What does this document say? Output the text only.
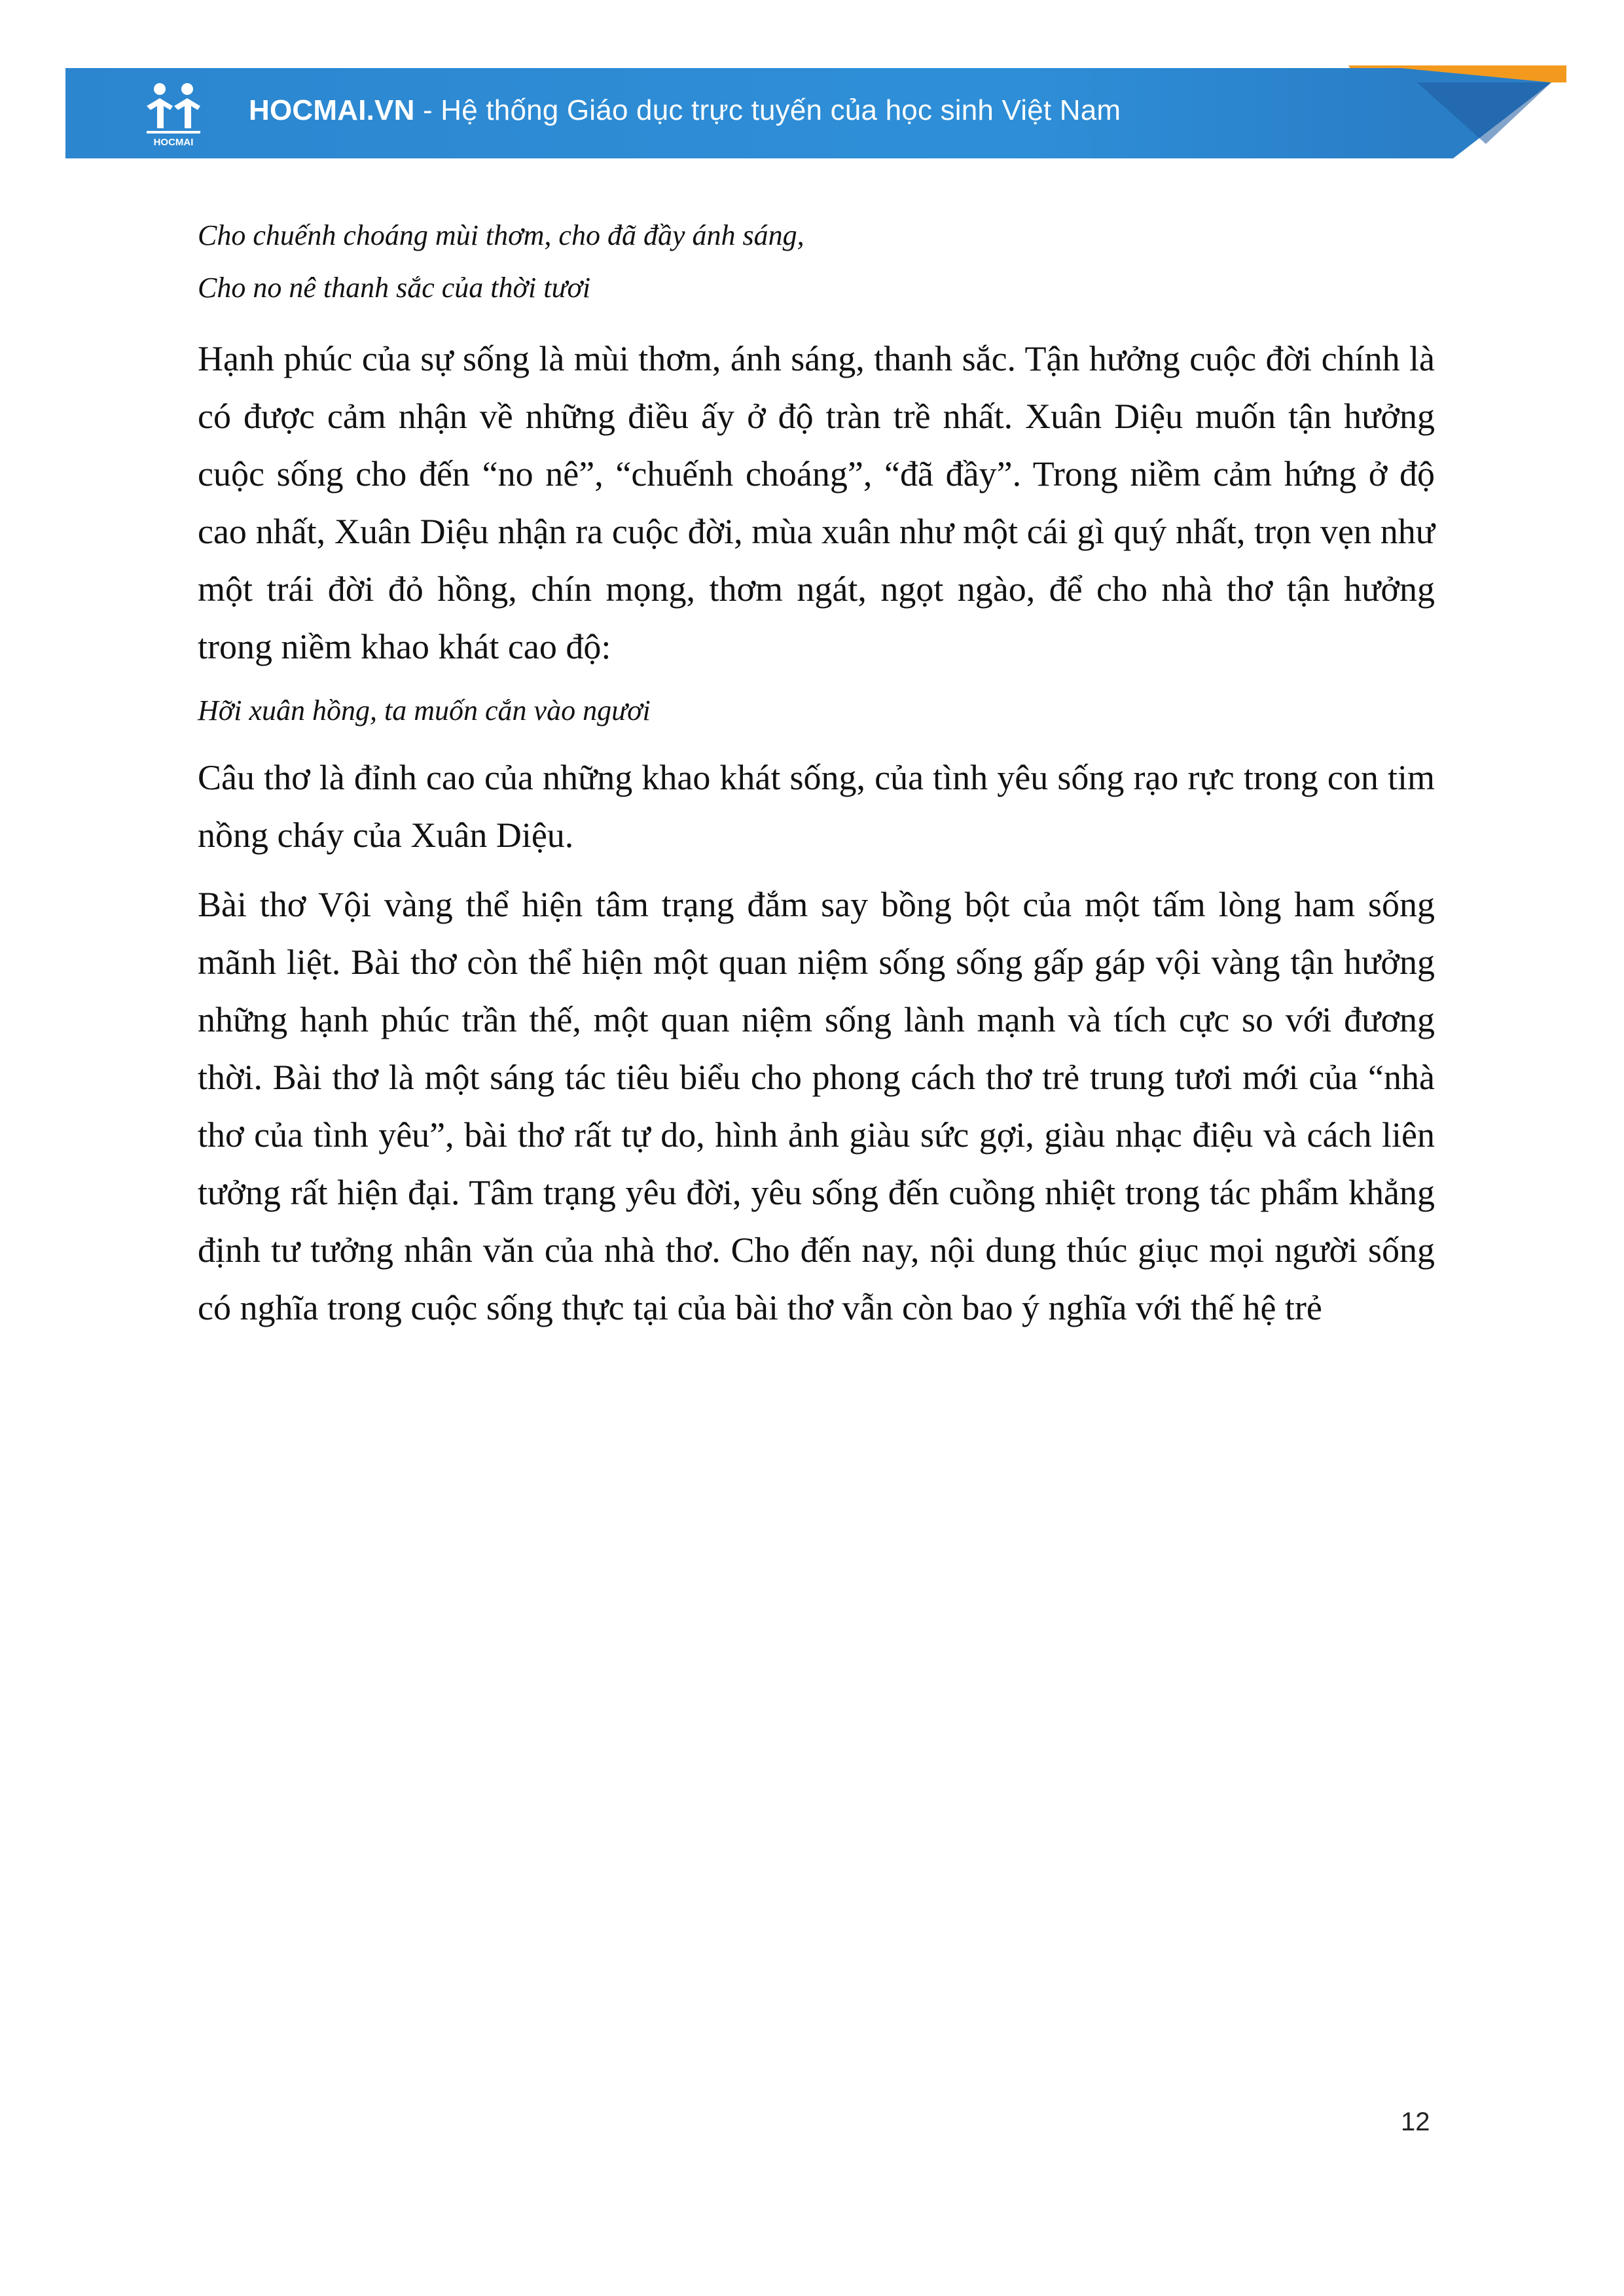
HOCMAI
HOCMAI.VN - Hệ thống Giáo dục trực tuyến của học sinh Việt Nam
Cho chuếnh choáng mùi thơm, cho đã đầy ánh sáng,
Cho no nê thanh sắc của thời tươi

Hạnh phúc của sự sống là mùi thơm, ánh sáng, thanh sắc. Tận hưởng cuộc đời chính là có được cảm nhận về những điều ấy ở độ tràn trề nhất. Xuân Diệu muốn tận hưởng cuộc sống cho đến “no nê”, “chuếnh choáng”, “đã đầy”. Trong niềm cảm hứng ở độ cao nhất, Xuân Diệu nhận ra cuộc đời, mùa xuân như một cái gì quý nhất, trọn vẹn như một trái đời đỏ hồng, chín mọng, thơm ngát, ngọt ngào, để cho nhà thơ tận hưởng trong niềm khao khát cao độ:

Hỡi xuân hồng, ta muốn cắn vào ngươi

Câu thơ là đỉnh cao của những khao khát sống, của tình yêu sống rạo rực trong con tim nồng cháy của Xuân Diệu.

Bài thơ Vội vàng thể hiện tâm trạng đắm say bồng bột của một tấm lòng ham sống mãnh liệt. Bài thơ còn thể hiện một quan niệm sống sống gấp gáp vội vàng tận hưởng những hạnh phúc trần thế, một quan niệm sống lành mạnh và tích cực so với đương thời. Bài thơ là một sáng tác tiêu biểu cho phong cách thơ trẻ trung tươi mới của “nhà thơ của tình yêu”, bài thơ rất tự do, hình ảnh giàu sức gợi, giàu nhạc điệu và cách liên tưởng rất hiện đại. Tâm trạng yêu đời, yêu sống đến cuồng nhiệt trong tác phẩm khẳng định tư tưởng nhân văn của nhà thơ. Cho đến nay, nội dung thúc giục mọi người sống có nghĩa trong cuộc sống thực tại của bài thơ vẫn còn bao ý nghĩa với thế hệ trẻ

12
